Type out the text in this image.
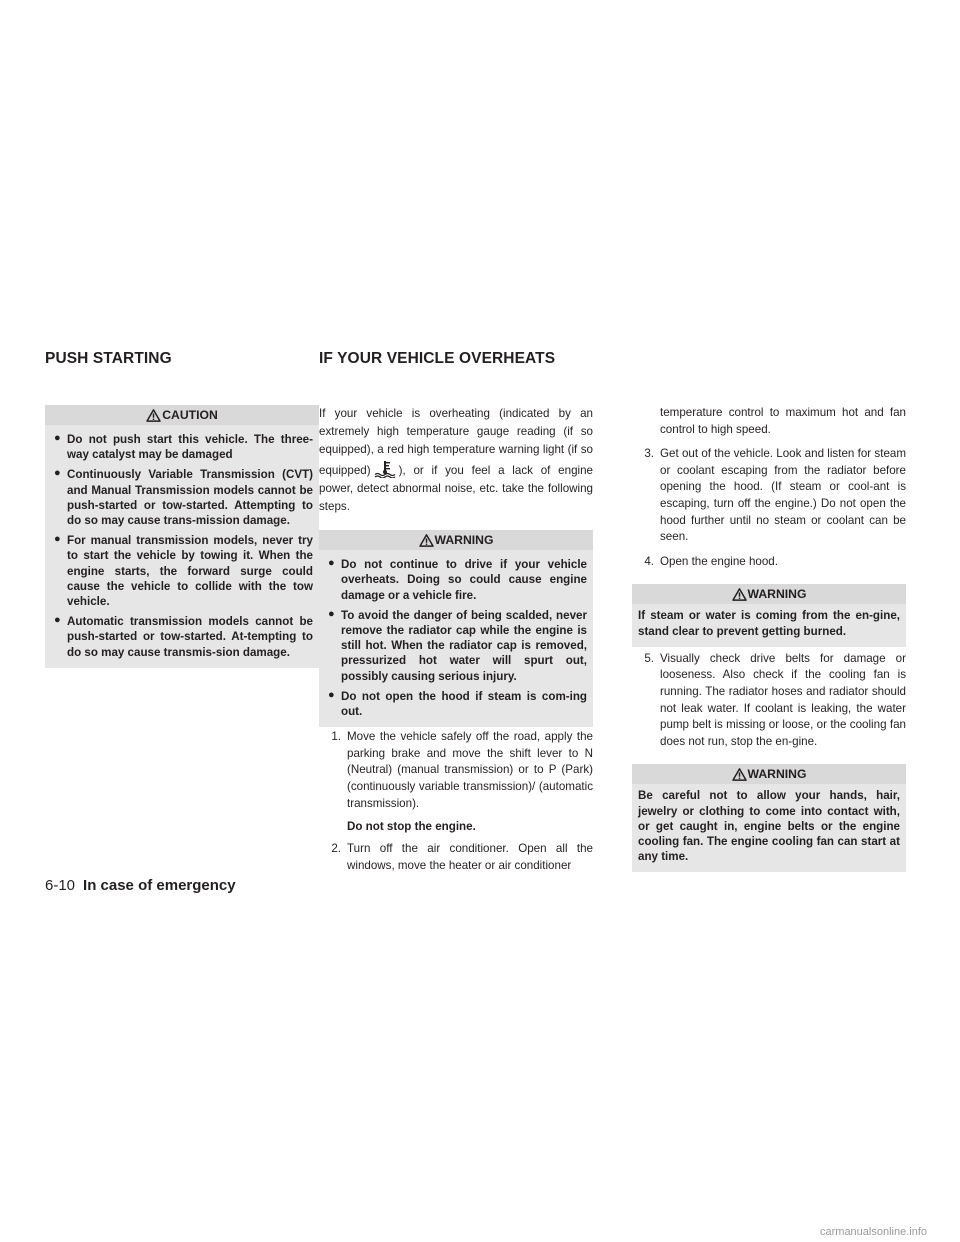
PUSH STARTING	IF YOUR VEHICLE OVERHEATS
CAUTION
● Do not push start this vehicle. The three-way catalyst may be damaged
● Continuously Variable Transmission (CVT) and Manual Transmission models cannot be push-started or tow-started. Attempting to do so may cause trans-mission damage.
● For manual transmission models, never try to start the vehicle by towing it. When the engine starts, the forward surge could cause the vehicle to collide with the tow vehicle.
● Automatic transmission models cannot be push-started or tow-started. At-tempting to do so may cause transmis-sion damage.

If your vehicle is overheating (indicated by an extremely high temperature gauge reading (if so equipped), a red high temperature warning light (if so equipped) ), or if you feel a lack of engine power, detect abnormal noise, etc. take the following steps.

WARNING
● Do not continue to drive if your vehicle overheats. Doing so could cause engine damage or a vehicle fire.
● To avoid the danger of being scalded, never remove the radiator cap while the engine is still hot. When the radiator cap is removed, pressurized hot water will spurt out, possibly causing serious injury.
● Do not open the hood if steam is com-ing out.
1. Move the vehicle safely off the road, apply the parking brake and move the shift lever to N (Neutral) (manual transmission) or to P (Park) (continuously variable transmission)/ (automatic transmission).
Do not stop the engine.
2. Turn off the air conditioner. Open all the windows, move the heater or air conditioner
temperature control to maximum hot and fan control to high speed.
3. Get out of the vehicle. Look and listen for steam or coolant escaping from the radiator before opening the hood. (If steam or cool-ant is escaping, turn off the engine.) Do not open the hood further until no steam or coolant can be seen.
4. Open the engine hood.
WARNING
If steam or water is coming from the en-gine, stand clear to prevent getting burned.
5. Visually check drive belts for damage or looseness. Also check if the cooling fan is running. The radiator hoses and radiator should not leak water. If coolant is leaking, the water pump belt is missing or loose, or the cooling fan does not run, stop the en-gine.
WARNING
Be careful not to allow your hands, hair, jewelry or clothing to come into contact with, or get caught in, engine belts or the engine cooling fan. The engine cooling fan can start at any time.
6-10 In case of emergency
carmanualsonline.info
